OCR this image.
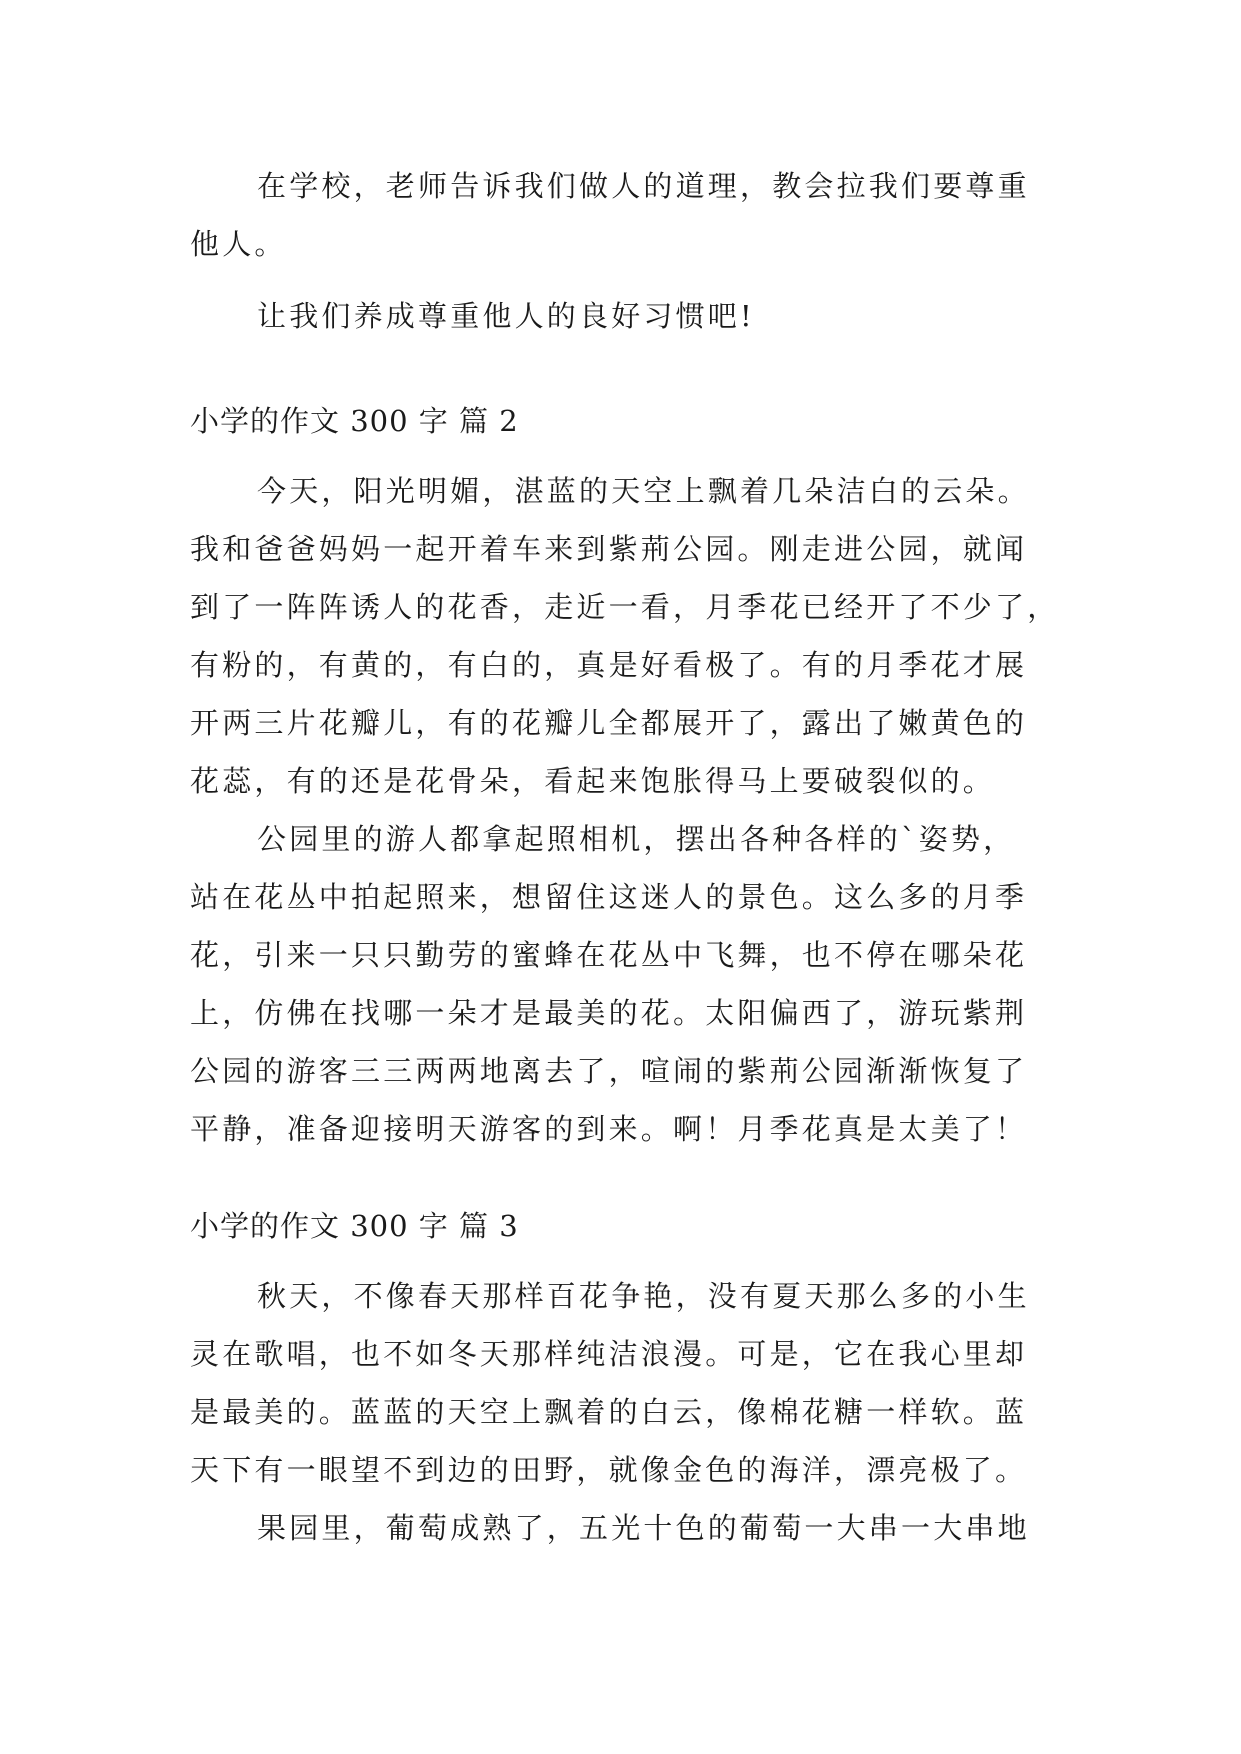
在学校，老师告诉我们做人的道理，教会拉我们要尊重
他人。
让我们养成尊重他人的良好习惯吧!
小学的作文 300 字 篇 2
今天，阳光明媚，湛蓝的天空上飘着几朵洁白的云朵。
我和爸爸妈妈一起开着车来到紫荊公园。刚走进公园，就闻
到了一阵阵诱人的花香，走近一看，月季花已经开了不少了，
有粉的，有黄的，有白的，真是好看极了。有的月季花才展
开两三片花瓣儿，有的花瓣儿全都展开了，露出了嫩黄色的
花蕊，有的还是花骨朵，看起来饱胀得马上要破裂似的。
公园里的游人都拿起照相机，摆出各种各样的`姿势，
站在花丛中拍起照来，想留住这迷人的景色。这么多的月季
花，引来一只只勤劳的蜜蜂在花丛中飞舞，也不停在哪朵花
上，仿佛在找哪一朵才是最美的花。太阳偏西了，游玩紫荆
公园的游客三三两两地离去了，喧闹的紫荊公园渐渐恢复了
平静，准备迎接明天游客的到来。啊！月季花真是太美了！
小学的作文 300 字 篇 3
秋天，不像春天那样百花争艳，没有夏天那么多的小生
灵在歌唱，也不如冬天那样纯洁浪漫。可是，它在我心里却
是最美的。蓝蓝的天空上飘着的白云，像棉花糖一样软。蓝
天下有一眼望不到边的田野，就像金色的海洋，漂亮极了。
果园里，葡萄成熟了，五光十色的葡萄一大串一大串地
